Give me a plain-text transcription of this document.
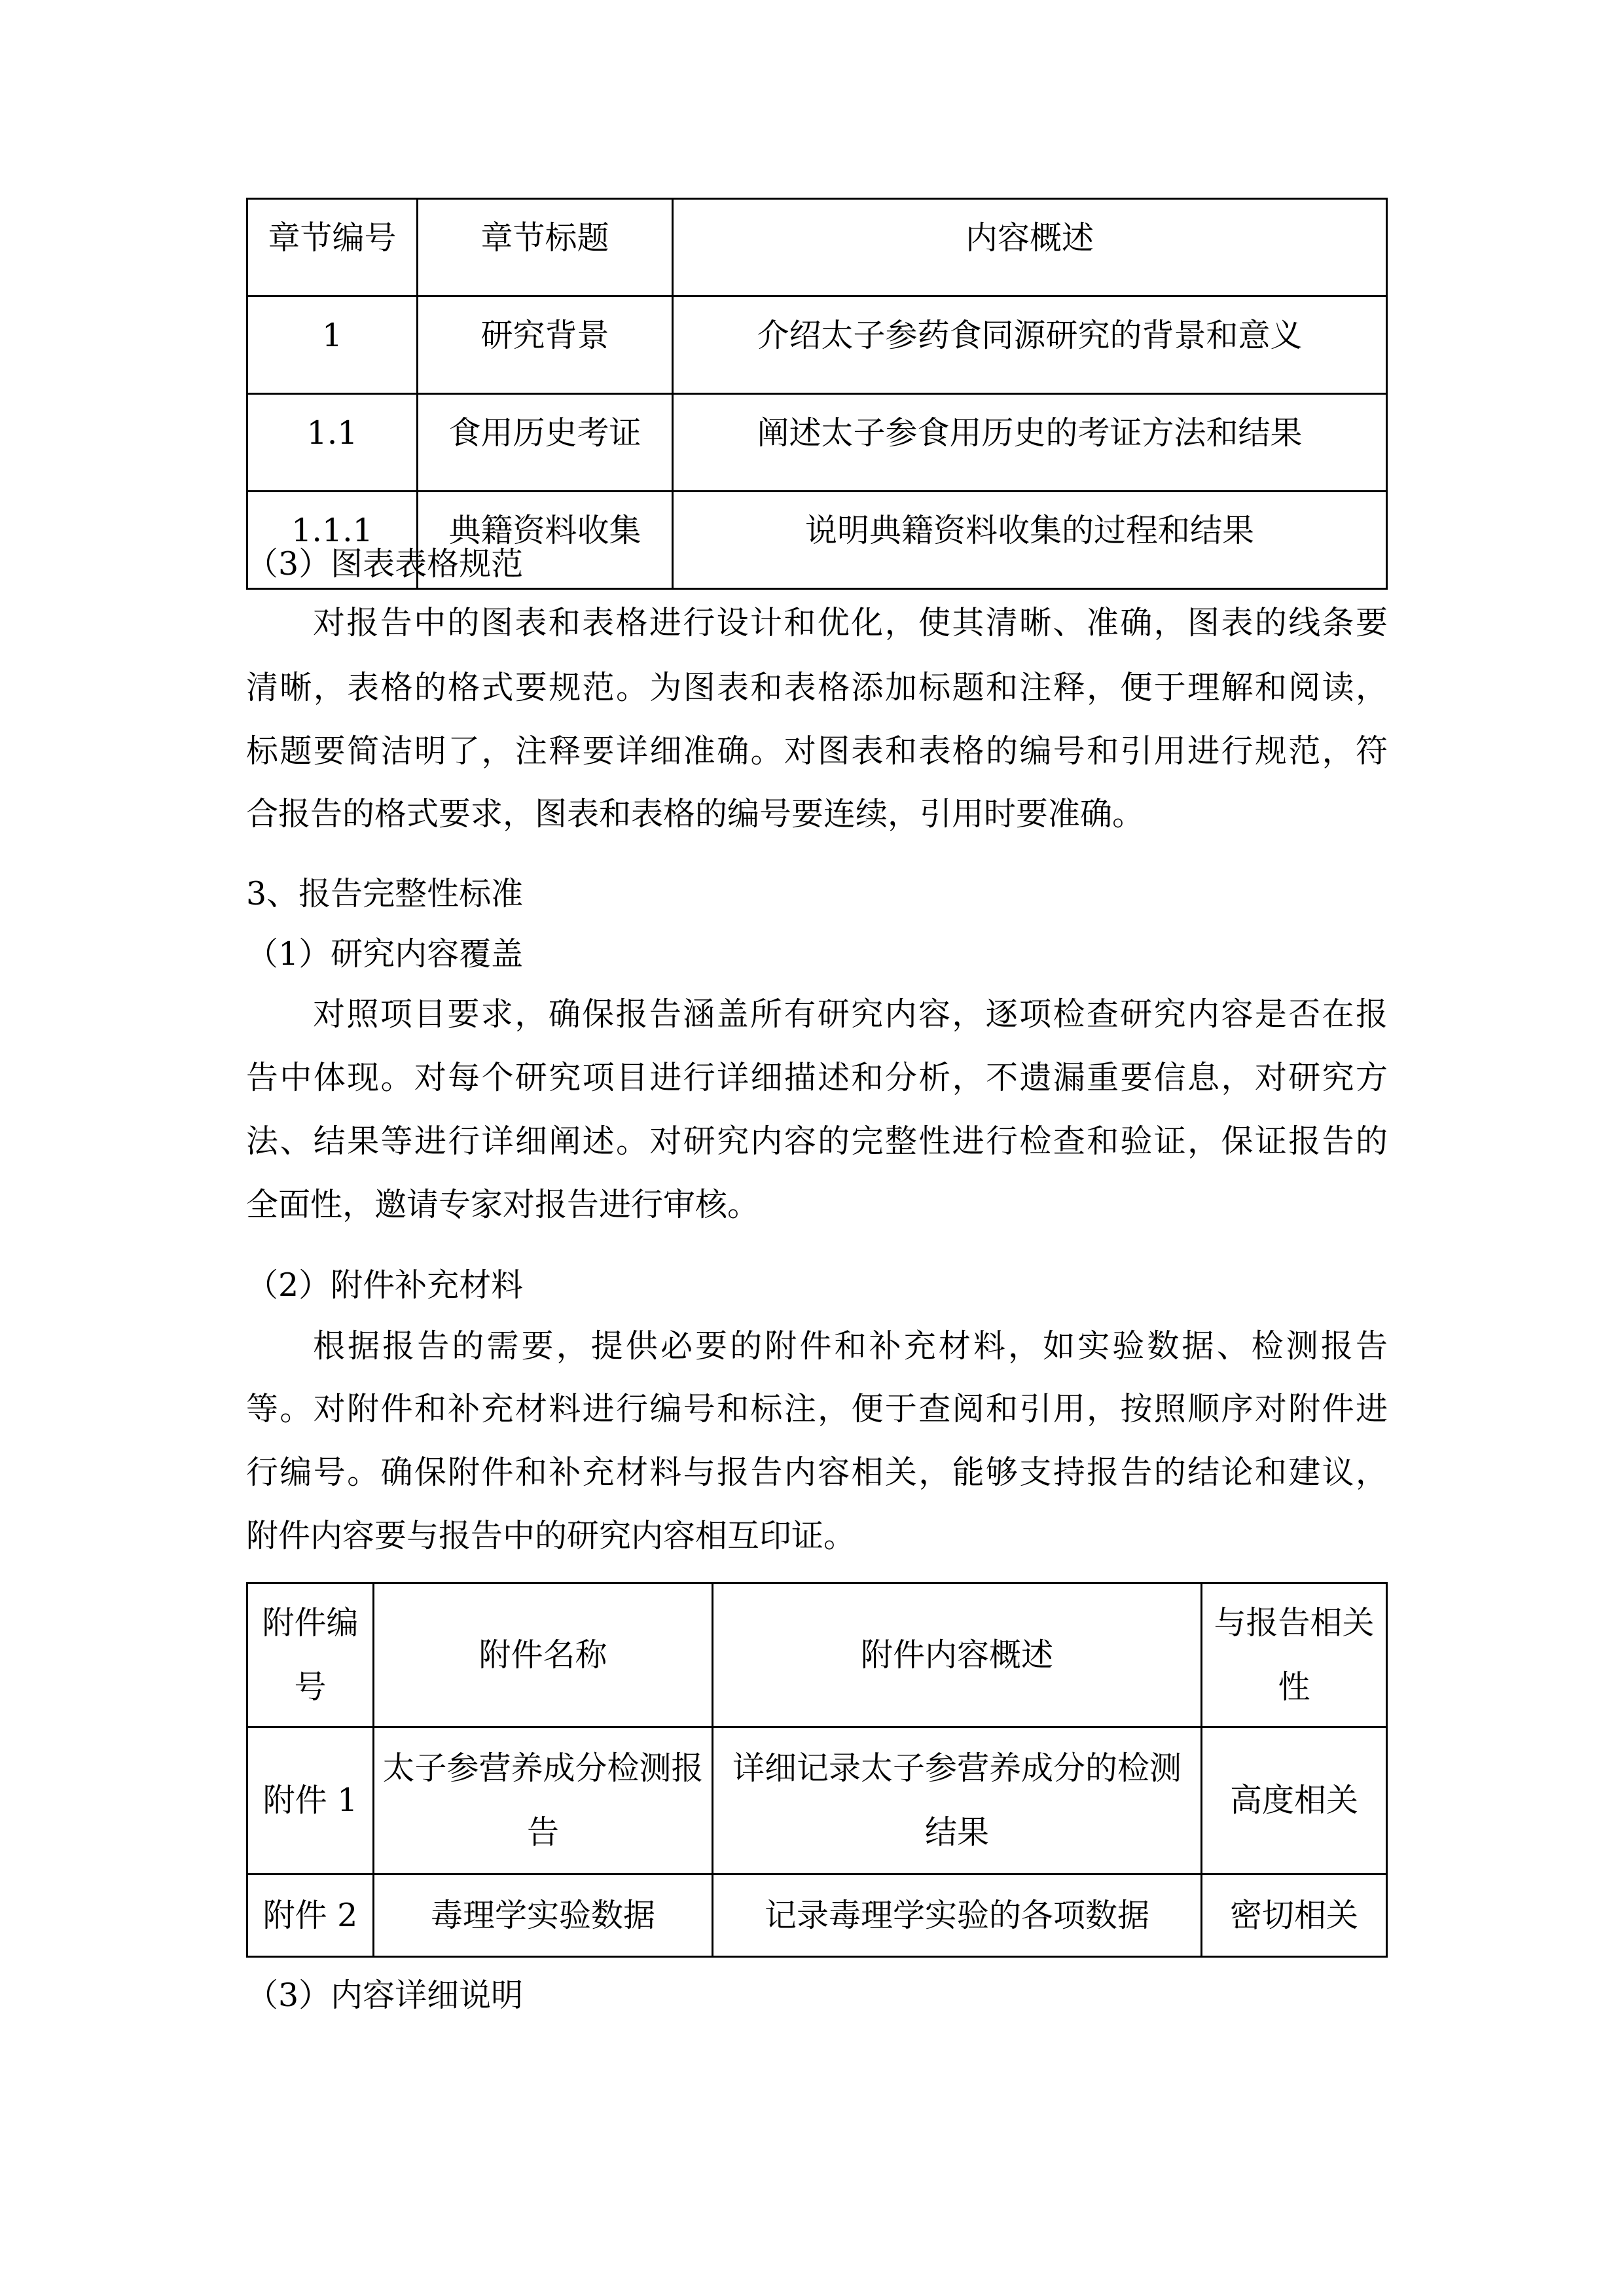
章节编号	章节标题	内容概述
1	研究背景	介绍太子参药食同源研究的背景和意义
1.1	食用历史考证	阐述太子参食用历史的考证方法和结果
1.1.1	典籍资料收集	说明典籍资料收集的过程和结果
（3）图表表格规范
对报告中的图表和表格进行设计和优化，使其清晰、准确，图表的线条要
清晰，表格的格式要规范。为图表和表格添加标题和注释，便于理解和阅读，
标题要简洁明了，注释要详细准确。对图表和表格的编号和引用进行规范，符
合报告的格式要求，图表和表格的编号要连续，引用时要准确。
3、报告完整性标准
（1）研究内容覆盖
对照项目要求，确保报告涵盖所有研究内容，逐项检查研究内容是否在报
告中体现。对每个研究项目进行详细描述和分析，不遗漏重要信息，对研究方
法、结果等进行详细阐述。对研究内容的完整性进行检查和验证，保证报告的
全面性，邀请专家对报告进行审核。
（2）附件补充材料
根据报告的需要，提供必要的附件和补充材料，如实验数据、检测报告
等。对附件和补充材料进行编号和标注，便于查阅和引用，按照顺序对附件进
行编号。确保附件和补充材料与报告内容相关，能够支持报告的结论和建议，
附件内容要与报告中的研究内容相互印证。
附件编号	附件名称	附件内容概述	与报告相关性
附件 1	太子参营养成分检测报告	详细记录太子参营养成分的检测结果	高度相关
附件 2	毒理学实验数据	记录毒理学实验的各项数据	密切相关
（3）内容详细说明
